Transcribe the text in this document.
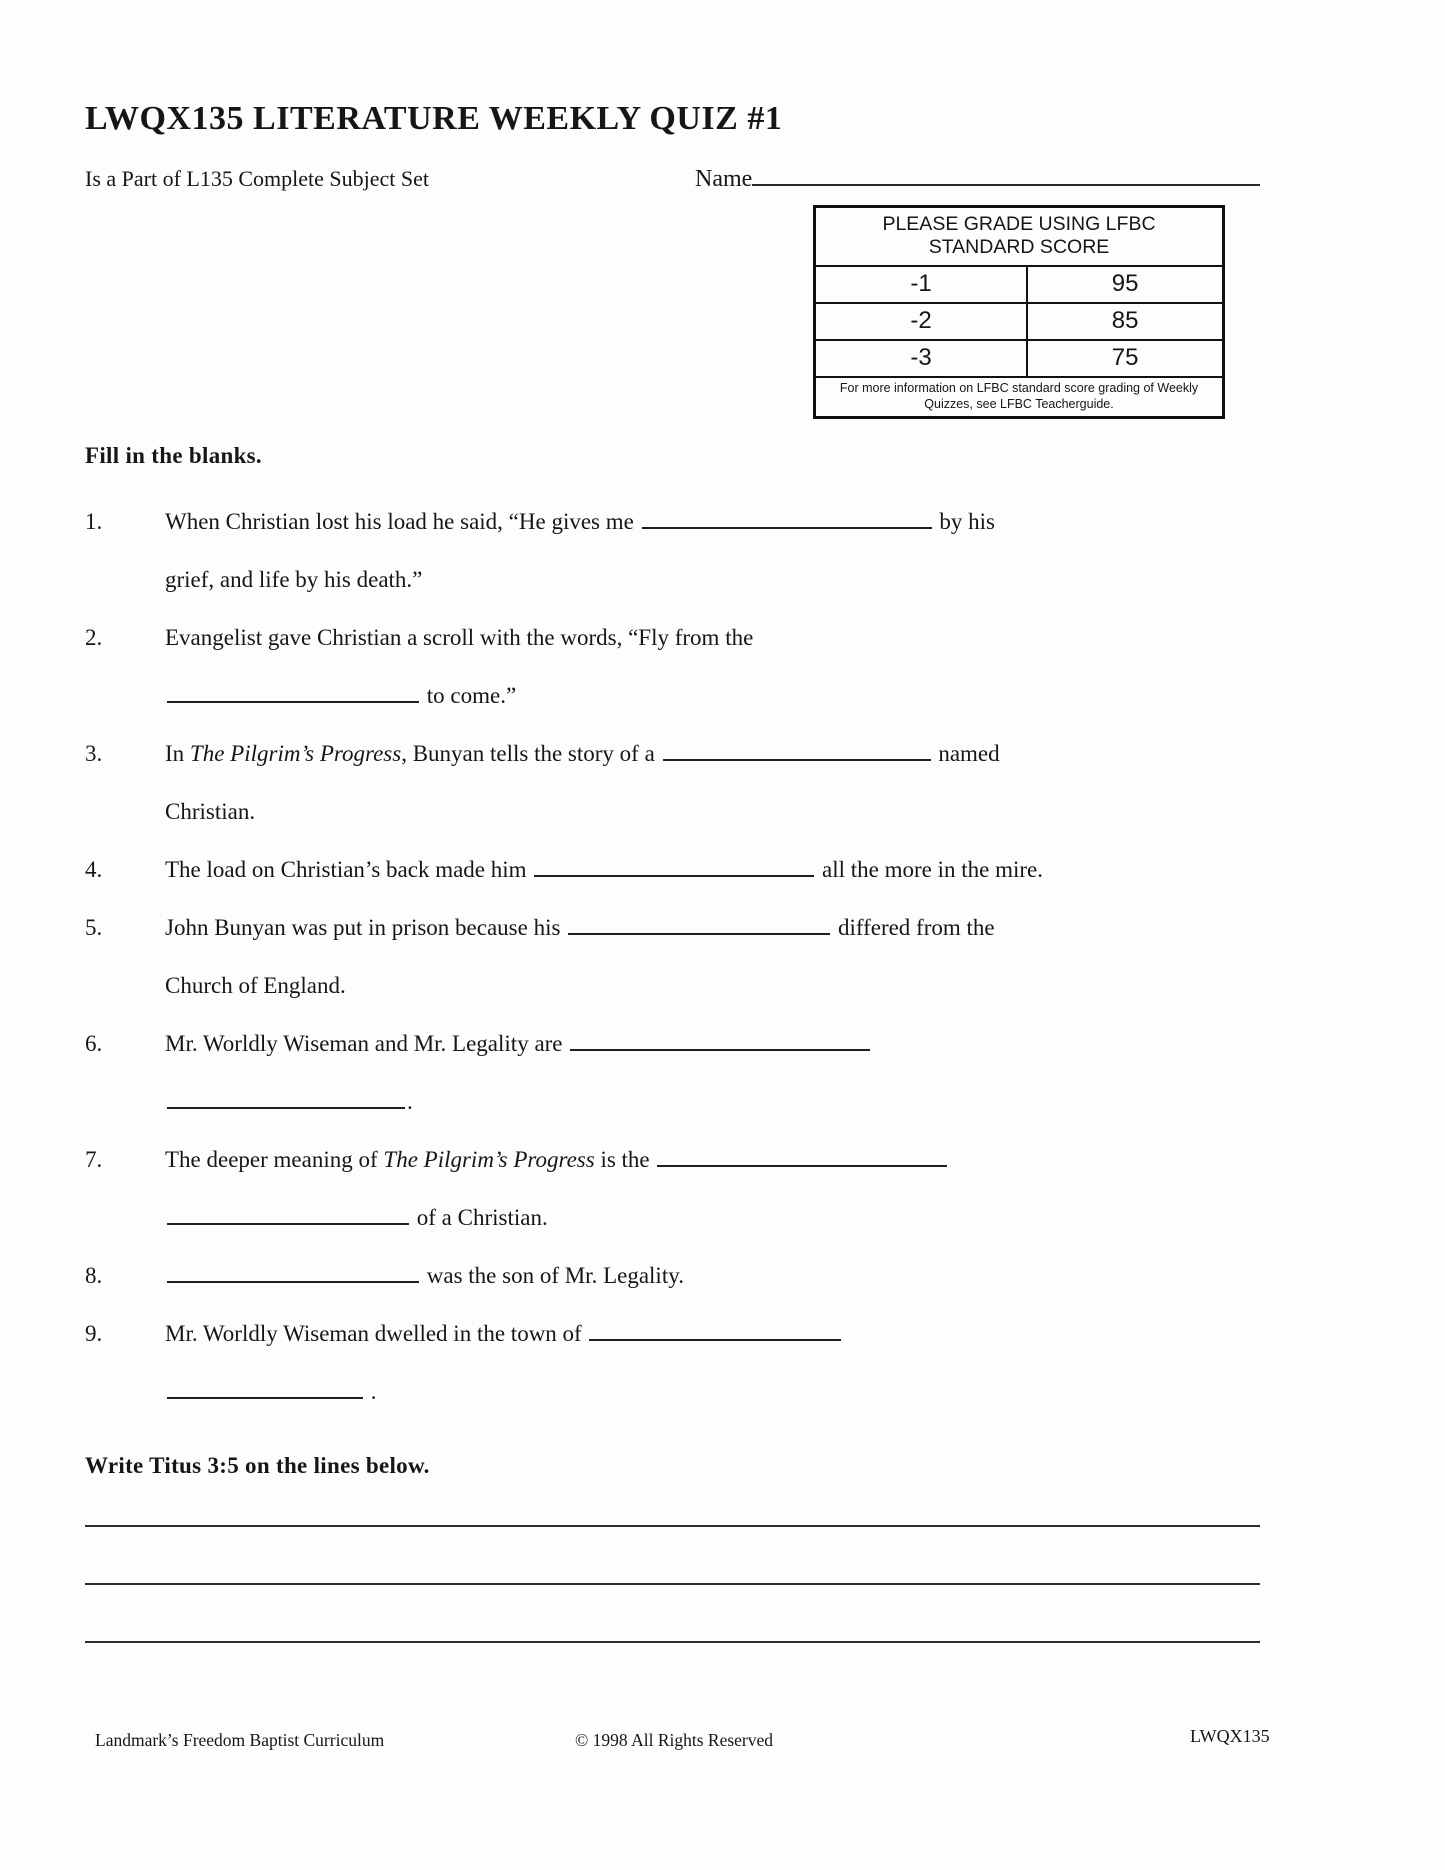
LWQX135 LITERATURE WEEKLY QUIZ #1
Is a Part of L135 Complete Subject Set	Name
PLEASE GRADE USING LFBC STANDARD SCORE	
-1	95
-2	85
-3	75
For more information on LFBC standard score grading of Weekly Quizzes, see LFBC Teacherguide.	
Fill in the blanks.
1.	When Christian lost his load he said, “He gives me	by his
grief, and life by his death.”
2.	Evangelist gave Christian a scroll with the words, “Fly from the
to come.”
3.	In The Pilgrim’s Progress, Bunyan tells the story of a	named
Christian.
4.	The load on Christian’s back made him	all the more in the mire.
5.	John Bunyan was put in prison because his	differed from the
Church of England.
6.	Mr. Worldly Wiseman and Mr. Legality are
.
7.	The deeper meaning of The Pilgrim’s Progress is the
of a Christian.
8.	was the son of Mr. Legality.
9.	Mr. Worldly Wiseman dwelled in the town of
.
Write Titus 3:5 on the lines below.
Landmark’s Freedom Baptist Curriculum	© 1998 All Rights Reserved	LWQX135
